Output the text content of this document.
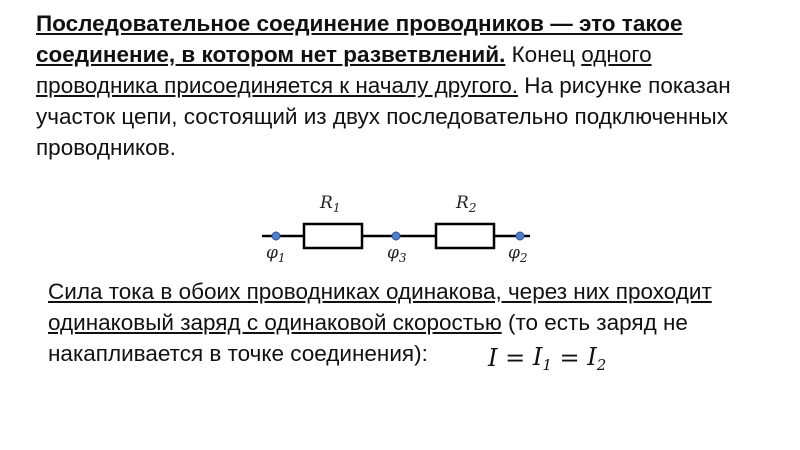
Последовательное соединение проводников — это такое соединение, в котором нет разветвлений. Конец одного проводника присоединяется к началу другого. На рисунке показан участок цепи, состоящий из двух последовательно подключенных проводников.

$R_1$	$R_2$
$\varphi_1$	$\varphi_3$	$\varphi_2$

Сила тока в обоих проводниках одинакова, через них проходит одинаковый заряд с одинаковой скоростью (то есть заряд не накапливается в точке соединения):	$I = I_1 = I_2$
